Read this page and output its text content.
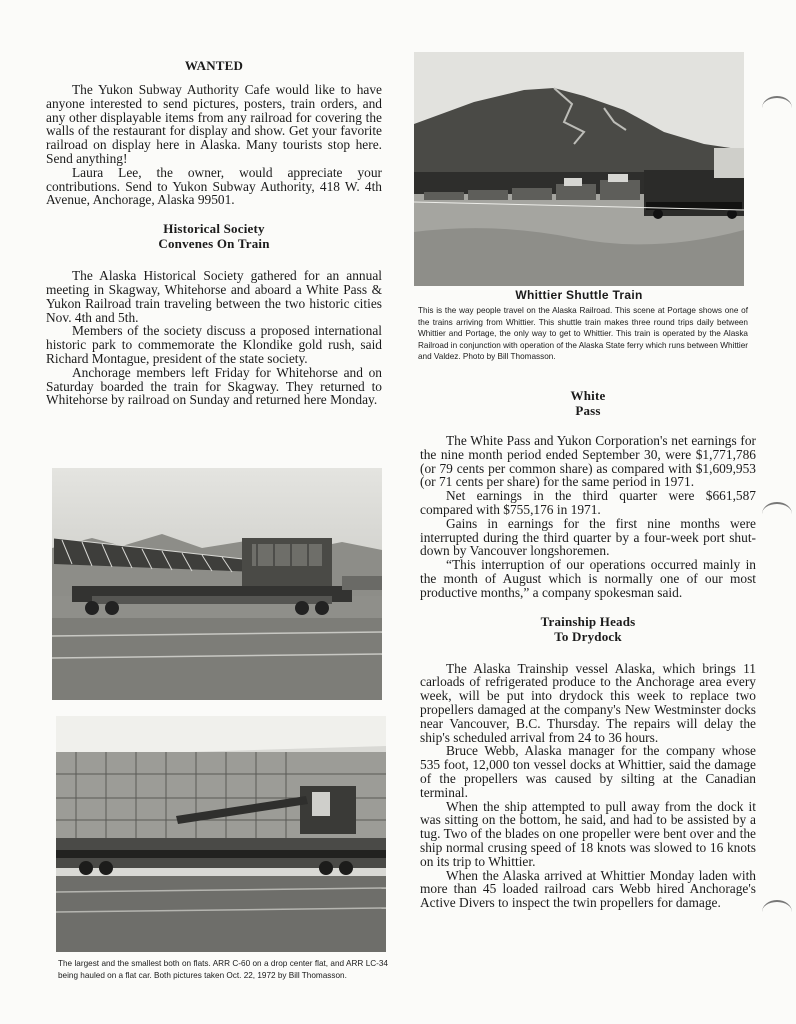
WANTED

The Yukon Subway Authority Cafe would like to have anyone interested to send pictures, posters, train orders, and any other displayable items from any railroad for covering the walls of the restaurant for display and show. Get your favorite railroad on display here in Alaska. Many tourists stop here. Send anything!

Laura Lee, the owner, would appreciate your contributions. Send to Yukon Subway Authority, 418 W. 4th Avenue, Anchorage, Alaska 99501.

Historical Society
Convenes On Train

The Alaska Historical Society gathered for an annual meeting in Skagway, Whitehorse and aboard a White Pass & Yukon Railroad train traveling between the two historic cities Nov. 4th and 5th.

Members of the society discuss a proposed international historic park to commemorate the Klondike gold rush, said Richard Montague, president of the state society.

Anchorage members left Friday for Whitehorse and on Saturday boarded the train for Skagway. They returned to Whitehorse by railroad on Sunday and returned here Monday.

The largest and the smallest both on flats. ARR C-60 on a drop center flat, and ARR LC-34 being hauled on a flat car. Both pictures taken Oct. 22, 1972 by Bill Thomasson.
Whittier Shuttle Train
This is the way people travel on the Alaska Railroad. This scene at Portage shows one of the trains arriving from Whittier. This shuttle train makes three round trips daily between Whittier and Portage, the only way to get to Whittier. This train is operated by the Alaska Railroad in conjunction with operation of the Alaska State ferry which runs between Whittier and Valdez. Photo by Bill Thomasson.
White
Pass

The White Pass and Yukon Corporation's net earnings for the nine month period ended September 30, were $1,771,786 (or 79 cents per common share) as compared with $1,609,953 (or 71 cents per share) for the same period in 1971.

Net earnings in the third quarter were $661,587 compared with $755,176 in 1971.

Gains in earnings for the first nine months were interrupted during the third quarter by a four-week port shut-down by Vancouver longshoremen.

“This interruption of our operations occurred mainly in the month of August which is normally one of our most productive months,” a company spokesman said.

Trainship Heads
To Drydock

The Alaska Trainship vessel Alaska, which brings 11 carloads of refrigerated produce to the Anchorage area every week, will be put into drydock this week to replace two propellers damaged at the company's New Westminster docks near Vancouver, B.C. Thursday. The repairs will delay the ship's scheduled arrival from 24 to 36 hours.

Bruce Webb, Alaska manager for the company whose 535 foot, 12,000 ton vessel docks at Whittier, said the damage of the propellers was caused by silting at the Canadian terminal.

When the ship attempted to pull away from the dock it was sitting on the bottom, he said, and had to be assisted by a tug. Two of the blades on one propeller were bent over and the ship normal crusing speed of 18 knots was slowed to 16 knots on its trip to Whittier.

When the Alaska arrived at Whittier Monday laden with more than 45 loaded railroad cars Webb hired Anchorage's Active Divers to inspect the twin propellers for damage.
